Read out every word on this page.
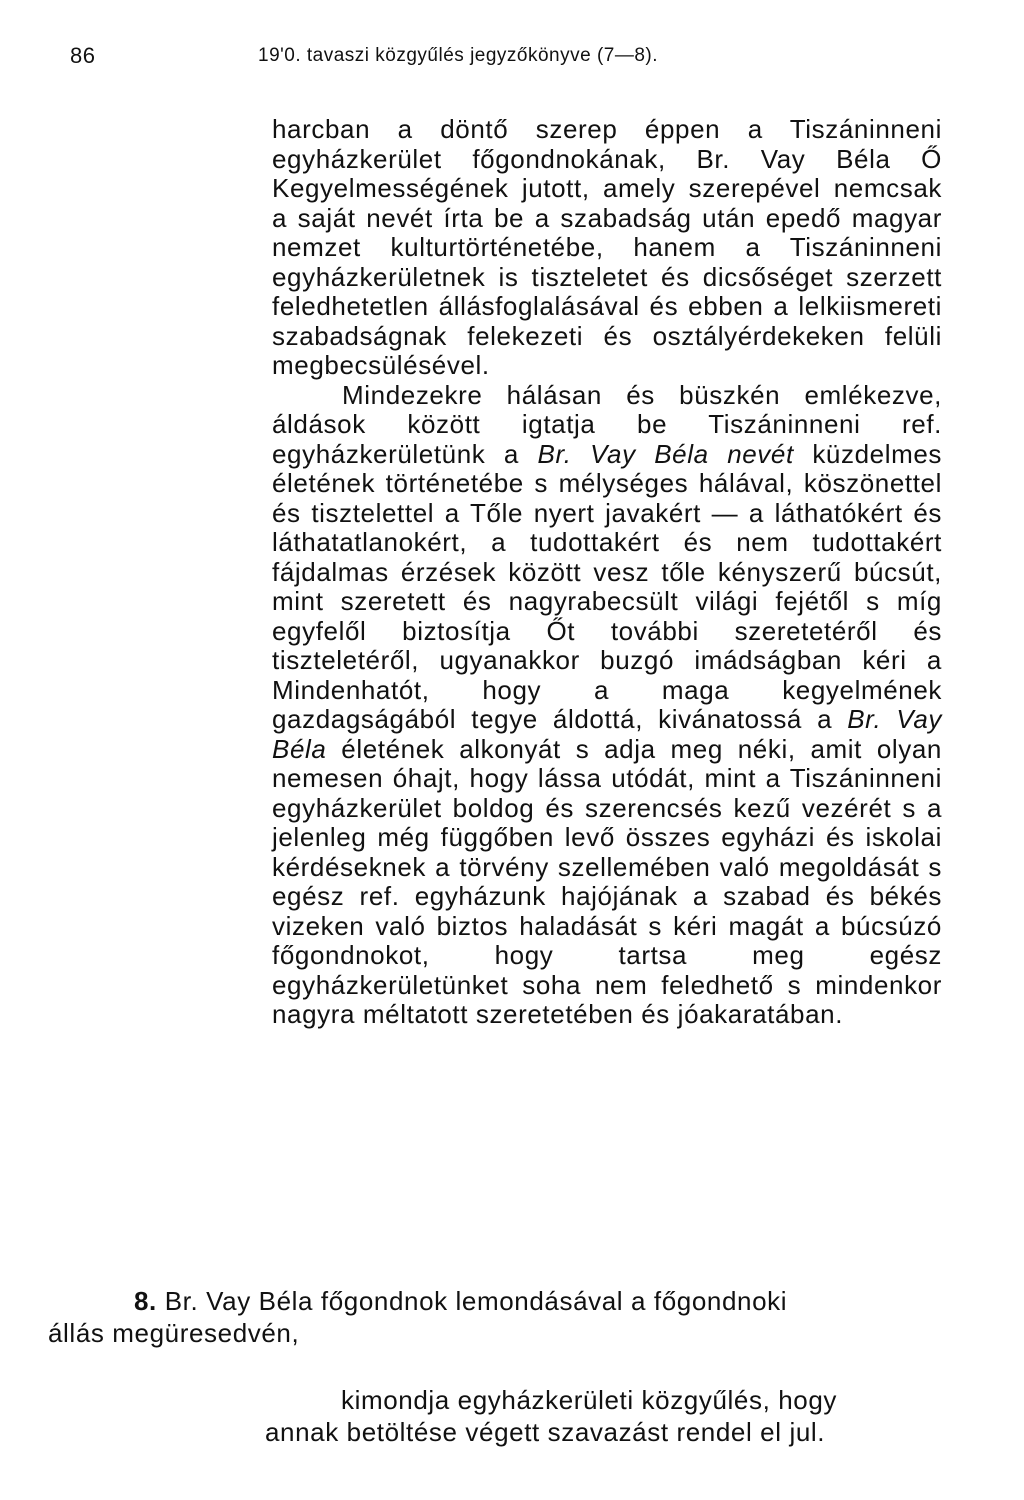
86	19'0. tavaszi közgyűlés jegyzőkönyve (7—8).

harcban a döntő szerep éppen a Tiszáninneni egyházkerület főgondnokának, Br. Vay Béla Ő Kegyelmességének jutott, amely szerepével nemcsak a saját nevét írta be a szabadság után epedő magyar nemzet kulturtörténetébe, hanem a Tiszáninneni egyházkerületnek is tiszteletet és dicsőséget szerzett feledhetetlen állásfoglalásával és ebben a lelkiismereti szabadságnak felekezeti és osztályérdekeken felüli megbecsülésével.

Mindezekre hálásan és büszkén emlékezve, áldások között igtatja be Tiszáninneni ref. egyházkerületünk a Br. Vay Béla nevét küzdelmes életének történetébe s mélységes hálával, köszönettel és tisztelettel a Tőle nyert javakért — a láthatókért és láthatatlanokért, a tudottakért és nem tudottakért fájdalmas érzések között vesz tőle kényszerű búcsút, mint szeretett és nagyrabecsült világi fejétől s míg egyfelől biztosítja Őt további szeretetéről és tiszteletéről, ugyanakkor buzgó imádságban kéri a Mindenhatót, hogy a maga kegyelmének gazdagságából tegye áldottá, kivánatossá a Br. Vay Béla életének alkonyát s adja meg néki, amit olyan nemesen óhajt, hogy lássa utódát, mint a Tiszáninneni egyházkerület boldog és szerencsés kezű vezérét s a jelenleg még függőben levő összes egyházi és iskolai kérdéseknek a törvény szellemében való megoldását s egész ref. egyházunk hajójának a szabad és békés vizeken való biztos haladását s kéri magát a búcsúzó főgondnokot, hogy tartsa meg egész egyházkerületünket soha nem feledhető s mindenkor nagyra méltatott szeretetében és jóakaratában.

8. Br. Vay Béla főgondnok lemondásával a főgondnoki
állás megüresedvén,
kimondja egyházkerületi közgyűlés, hogy
annak betöltése végett szavazást rendel el jul.
